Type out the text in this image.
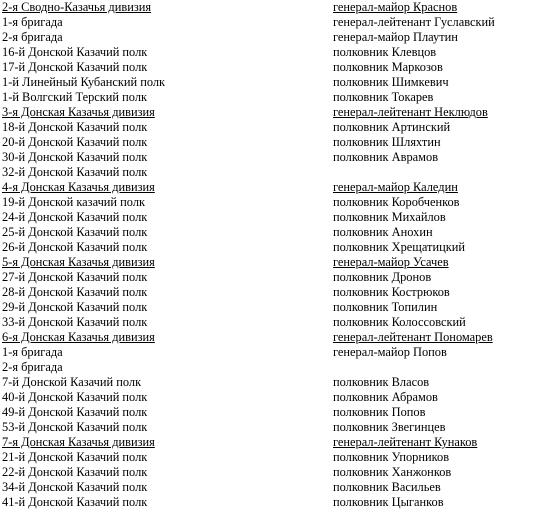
2-я Сводно-Казачья дивизия	генерал-майор Краснов
1-я бригада	генерал-лейтенант Гуславский
2-я бригада	генерал-майор Плаутин
16-й Донской Казачий полк	полковник Клевцов
17-й Донской Казачий полк	полковник Маркозов
1-й Линейный Кубанский полк	полковник Шимкевич
1-й Волгский Терский полк	полковник Токарев
3-я Донская Казачья дивизия	генерал-лейтенант Неклюдов
18-й Донской Казачий полк	полковник Артинский
20-й Донской Казачий полк	полковник Шляхтин
30-й Донской Казачий полк	полковник Аврамов
32-й Донской Казачий полк
4-я Донская Казачья дивизия	генерал-майор Каледин
19-й Донской казачий полк	полковник Коробченков
24-й Донской Казачий полк	полковник Михайлов
25-й Донской Казачий полк	полковник Анохин
26-й Донской Казачий полк	полковник Хрещатицкий
5-я Донская Казачья дивизия	генерал-майор Усачев
27-й Донской Казачий полк	полковник Дронов
28-й Донской Казачий полк	полковник Кострюков
29-й Донской Казачий полк	полковник Топилин
33-й Донской Казачий полк	полковник Колоссовский
6-я Донская Казачья дивизия	генерал-лейтенант Пономарев
1-я бригада	генерал-майор Попов
2-я бригада
7-й Донской Казачий полк	полковник Власов
40-й Донской Казачий полк	полковник Абрамов
49-й Донской Казачий полк	полковник Попов
53-й Донской Казачий полк	полковник Звегинцев
7-я Донская Казачья дивизия	генерал-лейтенант Кунаков
21-й Донской Казачий полк	полковник Упорников
22-й Донской Казачий полк	полковник Ханжонков
34-й Донской Казачий полк	полковник Васильев
41-й Донской Казачий полк	полковник Цыганков
